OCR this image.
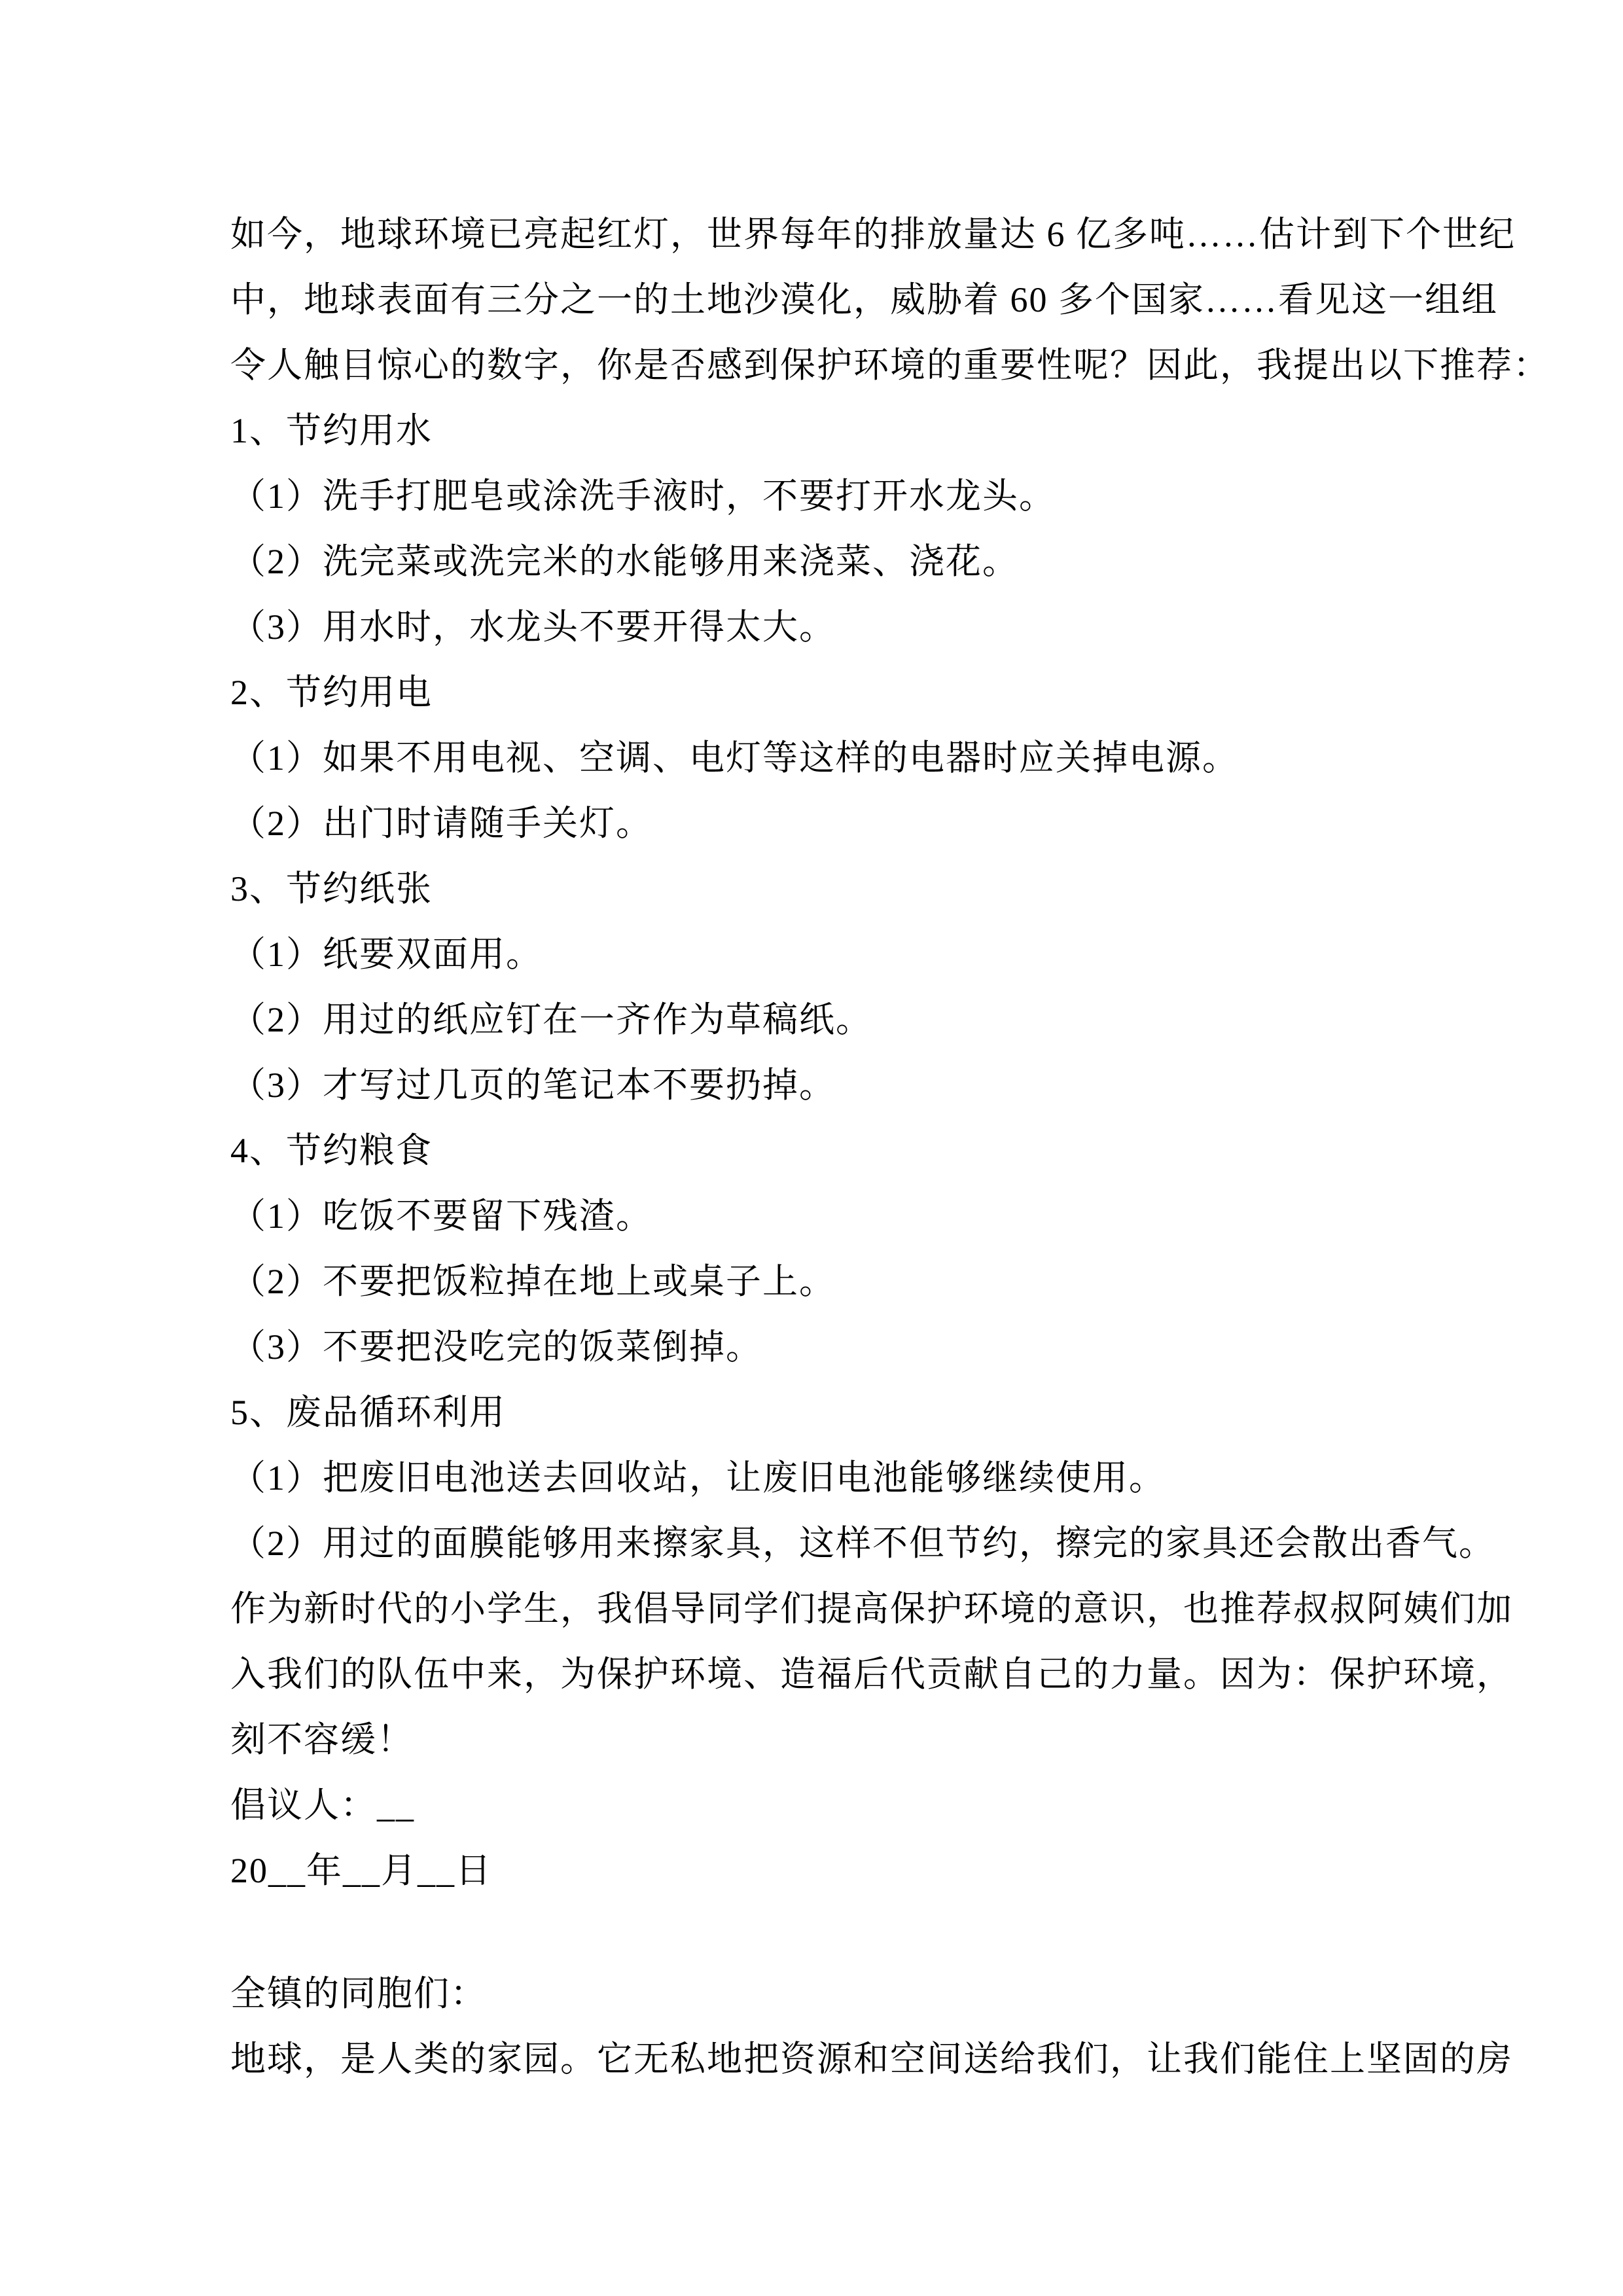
如今，地球环境已亮起红灯，世界每年的排放量达 6 亿多吨……估计到下个世纪

中，地球表面有三分之一的土地沙漠化，威胁着 60 多个国家……看见这一组组

令人触目惊心的数字，你是否感到保护环境的重要性呢？因此，我提出以下推荐：

1、节约用水

（1）洗手打肥皂或涂洗手液时，不要打开水龙头。

（2）洗完菜或洗完米的水能够用来浇菜、浇花。

（3）用水时，水龙头不要开得太大。

2、节约用电

（1）如果不用电视、空调、电灯等这样的电器时应关掉电源。

（2）出门时请随手关灯。

3、节约纸张

（1）纸要双面用。

（2）用过的纸应钉在一齐作为草稿纸。

（3）才写过几页的笔记本不要扔掉。

4、节约粮食

（1）吃饭不要留下残渣。

（2）不要把饭粒掉在地上或桌子上。

（3）不要把没吃完的饭菜倒掉。

5、废品循环利用

（1）把废旧电池送去回收站，让废旧电池能够继续使用。

（2）用过的面膜能够用来擦家具，这样不但节约，擦完的家具还会散出香气。

作为新时代的小学生，我倡导同学们提高保护环境的意识，也推荐叔叔阿姨们加

入我们的队伍中来，为保护环境、造福后代贡献自己的力量。因为：保护环境，

刻不容缓！

倡议人：__

20__年__月__日

全镇的同胞们：

地球，是人类的家园。它无私地把资源和空间送给我们，让我们能住上坚固的房
